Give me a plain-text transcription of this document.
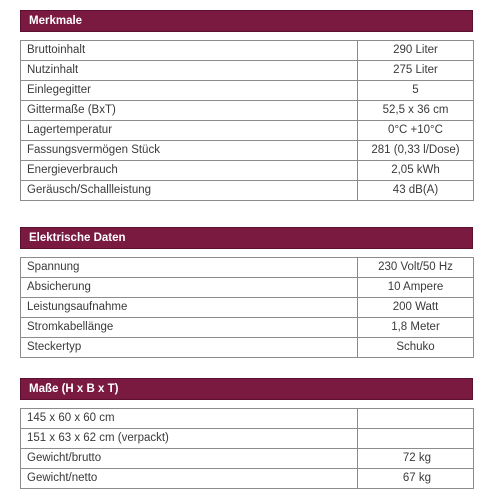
Merkmale
Bruttoinhalt	290 Liter
Nutzinhalt	275 Liter
Einlegegitter	5
Gittermaße (BxT)	52,5 x 36 cm
Lagertemperatur	0°C +10°C
Fassungsvermögen Stück	281 (0,33 l/Dose)
Energieverbrauch	2,05 kWh
Geräusch/Schallleistung	43 dB(A)
Elektrische Daten
Spannung	230 Volt/50 Hz
Absicherung	10 Ampere
Leistungsaufnahme	200 Watt
Stromkabellänge	1,8 Meter
Steckertyp	Schuko
Maße (H x B x T)
145 x 60 x 60 cm	
151 x 63 x 62 cm (verpackt)	
Gewicht/brutto	72 kg
Gewicht/netto	67 kg
